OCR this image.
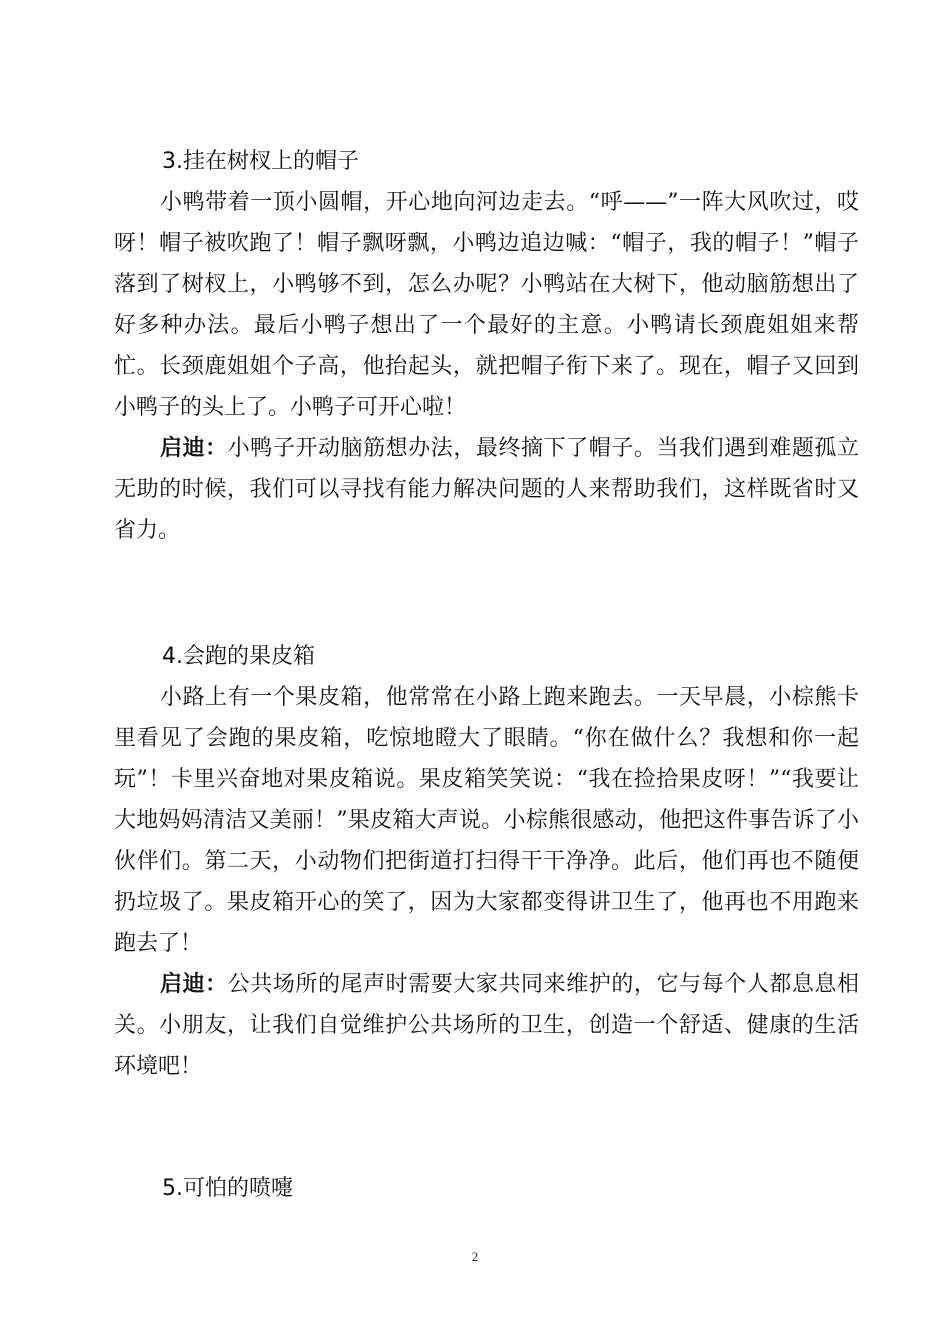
3.挂在树杈上的帽子

小鸭带着一顶小圆帽，开心地向河边走去。“呼——”一阵大风吹过，哎呀！帽子被吹跑了！帽子飘呀飘，小鸭边追边喊：“帽子，我的帽子！”帽子落到了树杈上，小鸭够不到，怎么办呢？小鸭站在大树下，他动脑筋想出了好多种办法。最后小鸭子想出了一个最好的主意。小鸭请长颈鹿姐姐来帮忙。长颈鹿姐姐个子高，他抬起头，就把帽子衔下来了。现在，帽子又回到小鸭子的头上了。小鸭子可开心啦！

启迪：小鸭子开动脑筋想办法，最终摘下了帽子。当我们遇到难题孤立无助的时候，我们可以寻找有能力解决问题的人来帮助我们，这样既省时又省力。

4.会跑的果皮箱

小路上有一个果皮箱，他常常在小路上跑来跑去。一天早晨，小棕熊卡里看见了会跑的果皮箱，吃惊地瞪大了眼睛。“你在做什么？我想和你一起玩”！卡里兴奋地对果皮箱说。果皮箱笑笑说：“我在捡拾果皮呀！”“我要让大地妈妈清洁又美丽！”果皮箱大声说。小棕熊很感动，他把这件事告诉了小伙伴们。第二天，小动物们把街道打扫得干干净净。此后，他们再也不随便扔垃圾了。果皮箱开心的笑了，因为大家都变得讲卫生了，他再也不用跑来跑去了！

启迪：公共场所的尾声时需要大家共同来维护的，它与每个人都息息相关。小朋友，让我们自觉维护公共场所的卫生，创造一个舒适、健康的生活环境吧！

5.可怕的喷嚏
2
